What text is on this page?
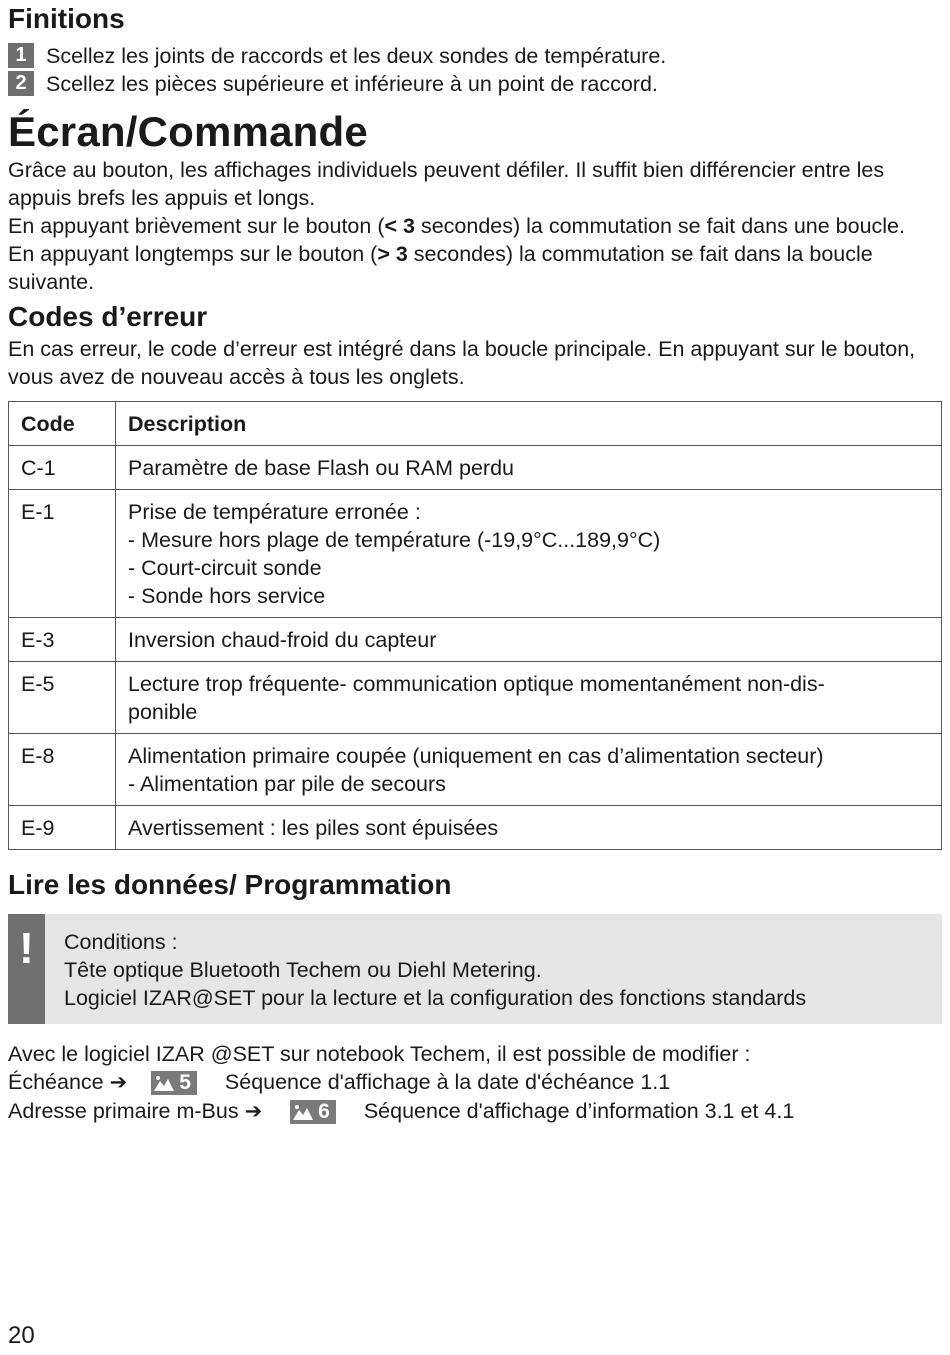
Finitions
1 Scellez les joints de raccords et les deux sondes de température.
2 Scellez les pièces supérieure et inférieure à un point de raccord.
Écran/Commande

Grâce au bouton, les affichages individuels peuvent défiler. Il suffit bien différencier entre les appuis brefs les appuis et longs.

En appuyant brièvement sur le bouton (< 3 secondes) la commutation se fait dans une boucle.

En appuyant longtemps sur le bouton (> 3 secondes) la commutation se fait dans la boucle suivante.

Codes d’erreur

En cas erreur, le code d’erreur est intégré dans la boucle principale. En appuyant sur le bouton, vous avez de nouveau accès à tous les onglets.

Code	Description
C-1	Paramètre de base Flash ou RAM perdu

E-1	Prise de température erronée :
- Mesure hors plage de température (-19,9°C...189,9°C)
- Court-circuit sonde
- Sonde hors service

E-3	Inversion chaud-froid du capteur

E-5	Lecture trop fréquente- communication optique momentanément non-dis-
ponible

E-8	Alimentation primaire coupée (uniquement en cas d’alimentation secteur)
- Alimentation par pile de secours

E-9	Avertissement : les piles sont épuisées
Lire les données/ Programmation
!	Conditions :

Tête optique Bluetooth Techem ou Diehl Metering.

Logiciel IZAR@SET pour la lecture et la configuration des fonctions standards

Avec le logiciel IZAR @SET sur notebook Techem, il est possible de modifier :

Échéance ➔ 5 Séquence d'affichage à la date d'échéance 1.1

Adresse primaire m-Bus ➔	6 Séquence d'affichage d’information 3.1 et 4.1

20
